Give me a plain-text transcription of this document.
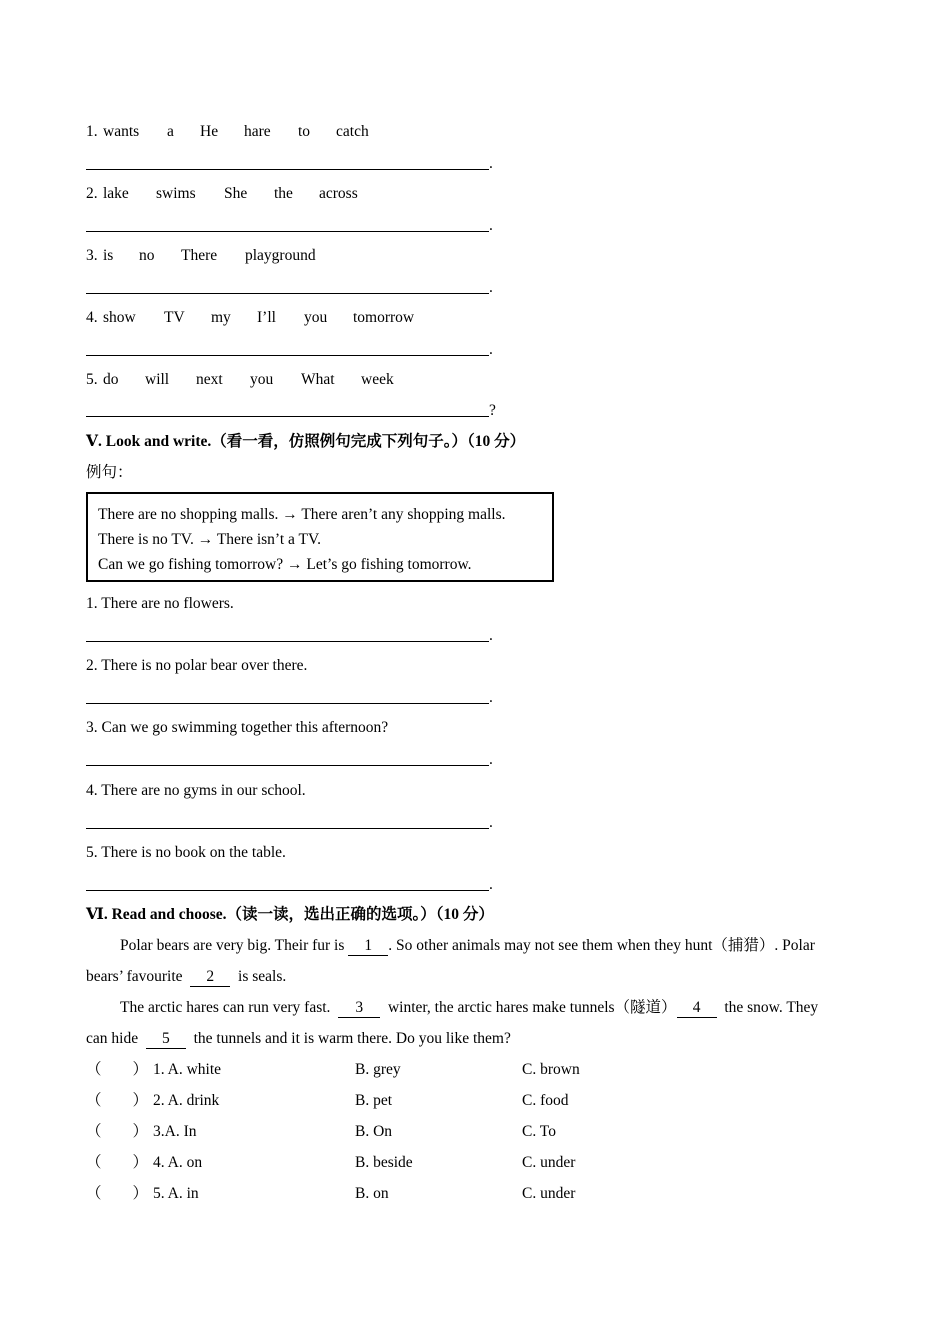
1. wants a He hare to catch
.
2. lake swims She the across
.
3. is no There playground
.
4. show TV my I’ll you tomorrow
.
5. do will next you What week
?
Ⅴ. Look and write.（看一看，仿照例句完成下列句子。）（10 分）
例句：
There are no shopping malls. → There aren’t any shopping malls.
There is no TV. → There isn’t a TV.
Can we go fishing tomorrow? → Let’s go fishing tomorrow.
1. There are no flowers.
.
2. There is no polar bear over there.
.
3. Can we go swimming together this afternoon?
.
4. There are no gyms in our school.
.
5. There is no book on the table.
.
Ⅵ. Read and choose.（读一读，选出正确的选项。）（10 分）
Polar bears are very big. Their fur is 1 . So other animals may not see them when they hunt（捕猎）. Polar
bears’ favourite 2 is seals.
The arctic hares can run very fast. 3 winter, the arctic hares make tunnels（隧道） 4 the snow. They
can hide 5 the tunnels and it is warm there. Do you like them?
（　　） 1. A. white	B. grey	C. brown
（　　） 2. A. drink	B. pet	C. food
（　　） 3.A. In	B. On	C. To
（　　） 4. A. on	B. beside	C. under
（　　） 5. A. in	B. on	C. under
